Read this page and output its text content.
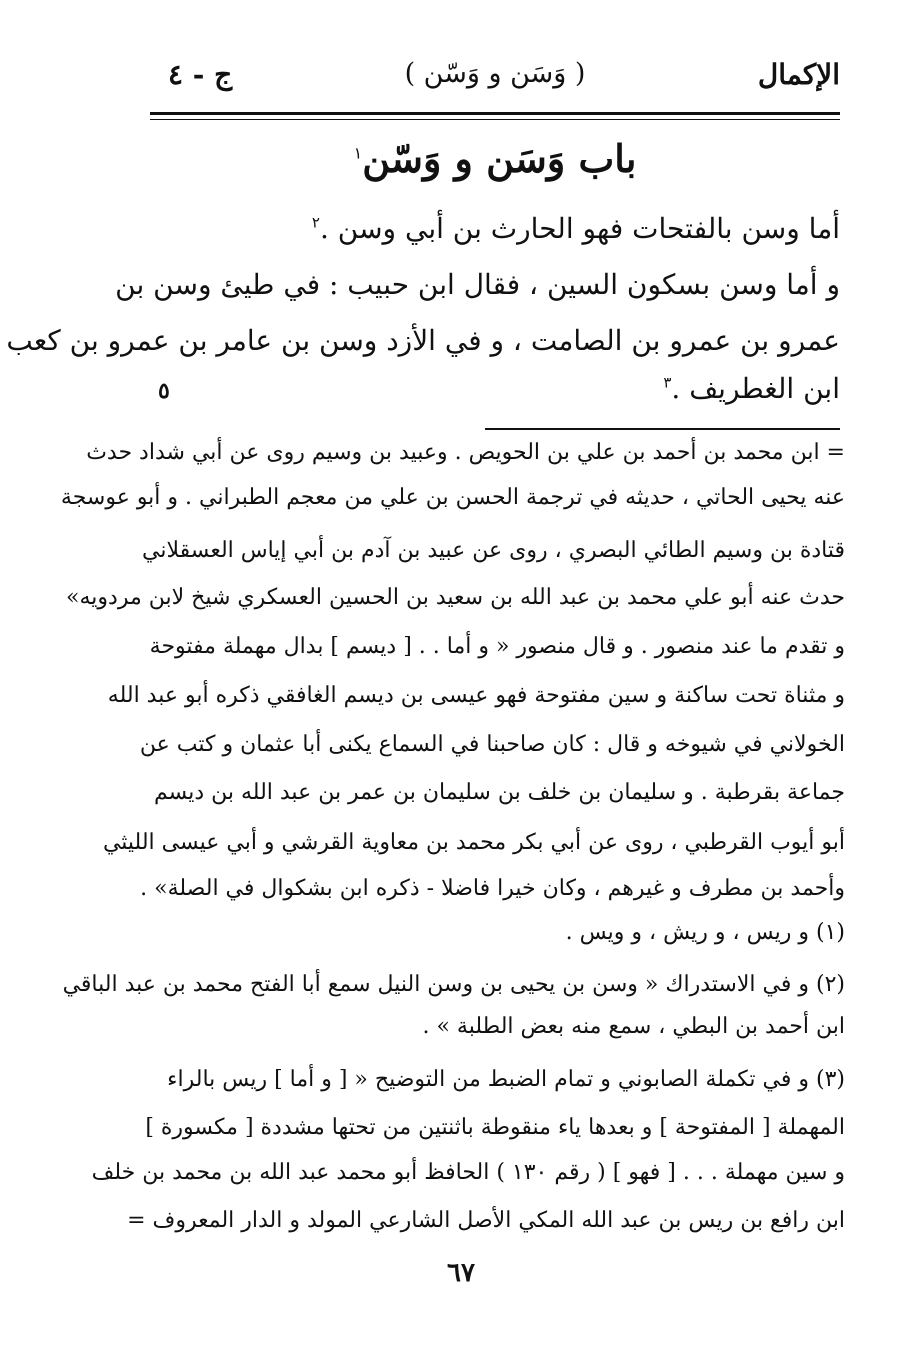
الإكمال
( وَسَن و وَسّن )
ج - ٤
باب وَسَن و وَسّن$^١$
أما وسن بالفتحات فهو الحارث بن أبي وسن .$^٢$
و أما وسن بسكون السين ، فقال ابن حبيب : في طيئ وسن بن
عمرو بن عمرو بن الصامت ، و في الأزد وسن بن عامر بن عمرو بن كعب
ابن الغطريف .$^٣$
٥
= ابن محمد بن أحمد بن علي بن الحويص . وعبيد بن وسيم روى عن أبي شداد حدث
عنه يحيى الحاتي ، حديثه في ترجمة الحسن بن علي من معجم الطبراني . و أبو عوسجة
قتادة بن وسيم الطائي البصري ، روى عن عبيد بن آدم بن أبي إياس العسقلاني
حدث عنه أبو علي محمد بن عبد الله بن سعيد بن الحسين العسكري شيخ لابن مردويه»
و تقدم ما عند منصور . و قال منصور « و أما . . [ ديسم ] بدال مهملة مفتوحة
و مثناة تحت ساكنة و سين مفتوحة فهو عيسى بن ديسم الغافقي ذكره أبو عبد الله
الخولاني في شيوخه و قال : كان صاحبنا في السماع يكنى أبا عثمان و كتب عن
جماعة بقرطبة . و سليمان بن خلف بن سليمان بن عمر بن عبد الله بن ديسم
أبو أيوب القرطبي ، روى عن أبي بكر محمد بن معاوية القرشي و أبي عيسى الليثي
وأحمد بن مطرف و غيرهم ، وكان خيرا فاضلا - ذكره ابن بشكوال في الصلة» .
(١) و ريس ، و ريش ، و ويس .
(٢) و في الاستدراك « وسن بن يحيى بن وسن النيل سمع أبا الفتح محمد بن عبد الباقي
ابن أحمد بن البطي ، سمع منه بعض الطلبة » .
(٣) و في تكملة الصابوني و تمام الضبط من التوضيح « [ و أما ] ريس بالراء
المهملة [ المفتوحة ] و بعدها ياء منقوطة باثنتين من تحتها مشددة [ مكسورة ]
و سين مهملة . . . [ فهو ] ( رقم ١٣٠ ) الحافظ أبو محمد عبد الله بن محمد بن خلف
ابن رافع بن ريس بن عبد الله المكي الأصل الشارعي المولد و الدار المعروف =
٦٧
